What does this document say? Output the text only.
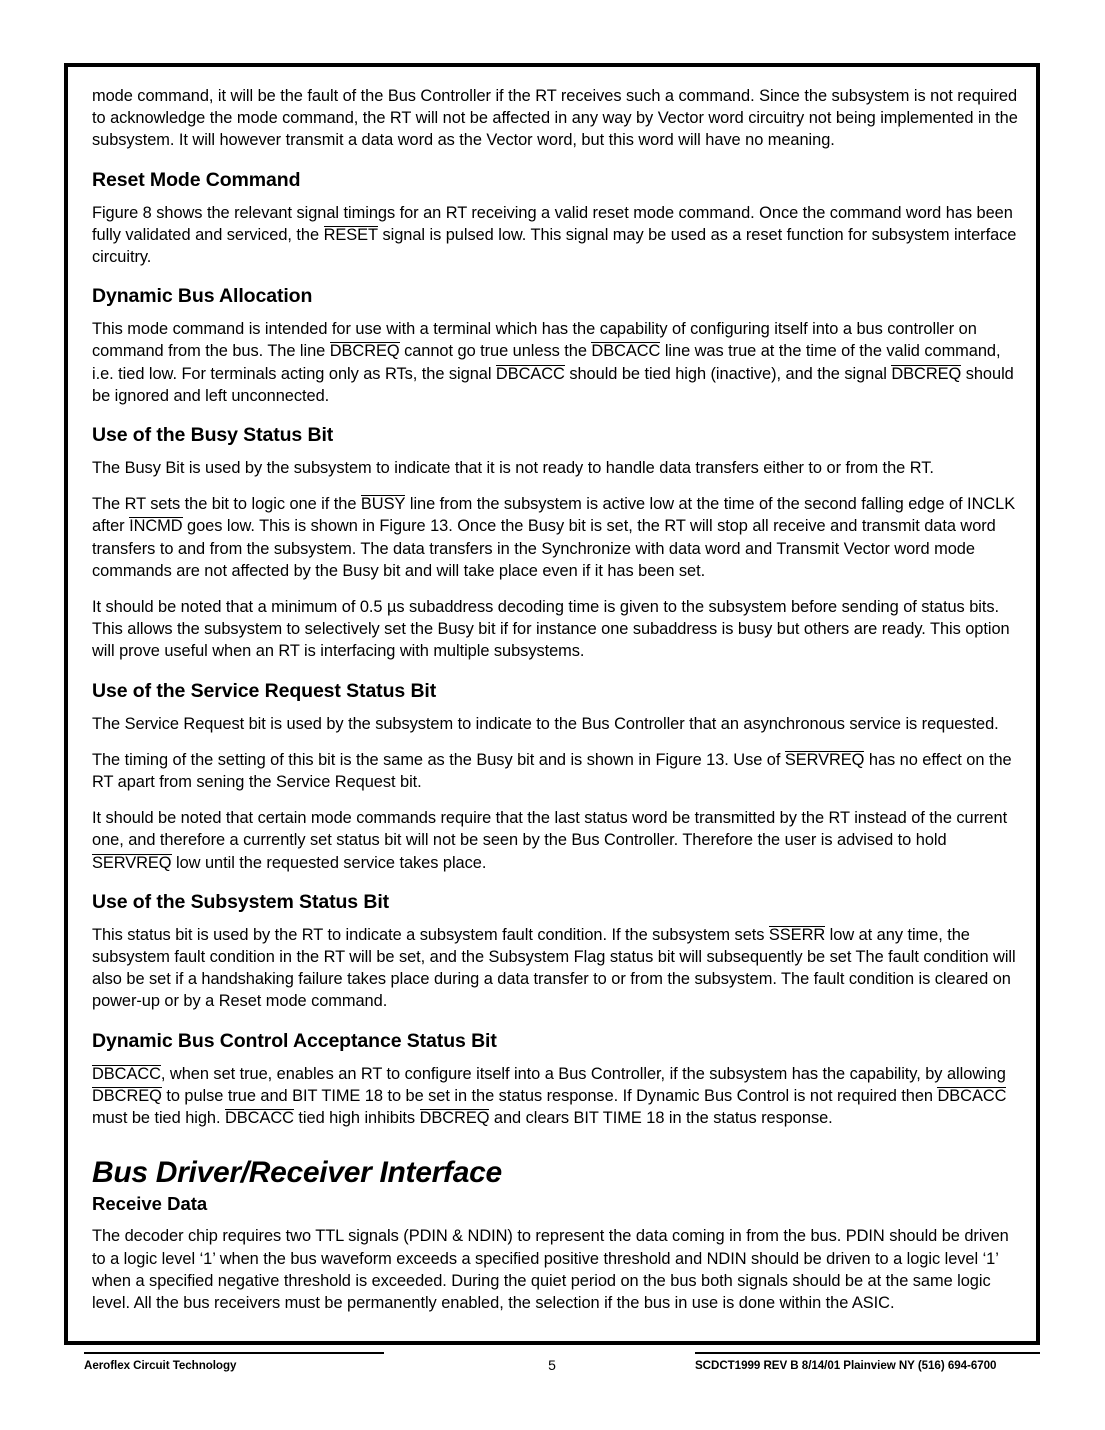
mode command, it will be the fault of the Bus Controller if the RT receives such a command. Since the subsystem is not required to acknowledge the mode command, the RT will not be affected in any way by Vector word circuitry not being implemented in the subsystem. It will however transmit a data word as the Vector word, but this word will have no meaning.

Reset Mode Command

Figure 8 shows the relevant signal timings for an RT receiving a valid reset mode command. Once the command word has been fully validated and serviced, the RESET signal is pulsed low. This signal may be used as a reset function for subsystem interface circuitry.

Dynamic Bus Allocation

This mode command is intended for use with a terminal which has the capability of configuring itself into a bus controller on command from the bus. The line DBCREQ cannot go true unless the DBCACC line was true at the time of the valid command, i.e. tied low. For terminals acting only as RTs, the signal DBCACC should be tied high (inactive), and the signal DBCREQ should be ignored and left unconnected.

Use of the Busy Status Bit

The Busy Bit is used by the subsystem to indicate that it is not ready to handle data transfers either to or from the RT.

The RT sets the bit to logic one if the BUSY line from the subsystem is active low at the time of the second falling edge of INCLK after INCMD goes low. This is shown in Figure 13. Once the Busy bit is set, the RT will stop all receive and transmit data word transfers to and from the subsystem. The data transfers in the Synchronize with data word and Transmit Vector word mode commands are not affected by the Busy bit and will take place even if it has been set.

It should be noted that a minimum of 0.5 µs subaddress decoding time is given to the subsystem before sending of status bits. This allows the subsystem to selectively set the Busy bit if for instance one subaddress is busy but others are ready. This option will prove useful when an RT is interfacing with multiple subsystems.

Use of the Service Request Status Bit

The Service Request bit is used by the subsystem to indicate to the Bus Controller that an asynchronous service is requested.

The timing of the setting of this bit is the same as the Busy bit and is shown in Figure 13. Use of SERVREQ has no effect on the RT apart from sening the Service Request bit.

It should be noted that certain mode commands require that the last status word be transmitted by the RT instead of the current one, and therefore a currently set status bit will not be seen by the Bus Controller. Therefore the user is advised to hold SERVREQ low until the requested service takes place.

Use of the Subsystem Status Bit

This status bit is used by the RT to indicate a subsystem fault condition. If the subsystem sets SSERR low at any time, the subsystem fault condition in the RT will be set, and the Subsystem Flag status bit will subsequently be set The fault condition will also be set if a handshaking failure takes place during a data transfer to or from the subsystem. The fault condition is cleared on power-up or by a Reset mode command.

Dynamic Bus Control Acceptance Status Bit

DBCACC, when set true, enables an RT to configure itself into a Bus Controller, if the subsystem has the capability, by allowing DBCREQ to pulse true and BIT TIME 18 to be set in the status response. If Dynamic Bus Control is not required then DBCACC must be tied high. DBCACC tied high inhibits DBCREQ and clears BIT TIME 18 in the status response.

Bus Driver/Receiver Interface
Receive Data

The decoder chip requires two TTL signals (PDIN & NDIN) to represent the data coming in from the bus. PDIN should be driven to a logic level ‘1’ when the bus waveform exceeds a specified positive threshold and NDIN should be driven to a logic level ‘1’ when a specified negative threshold is exceeded. During the quiet period on the bus both signals should be at the same logic level. All the bus receivers must be permanently enabled, the selection if the bus in use is done within the ASIC.

Aeroflex Circuit Technology	5	SCDCT1999 REV B 8/14/01 Plainview NY (516) 694-6700
